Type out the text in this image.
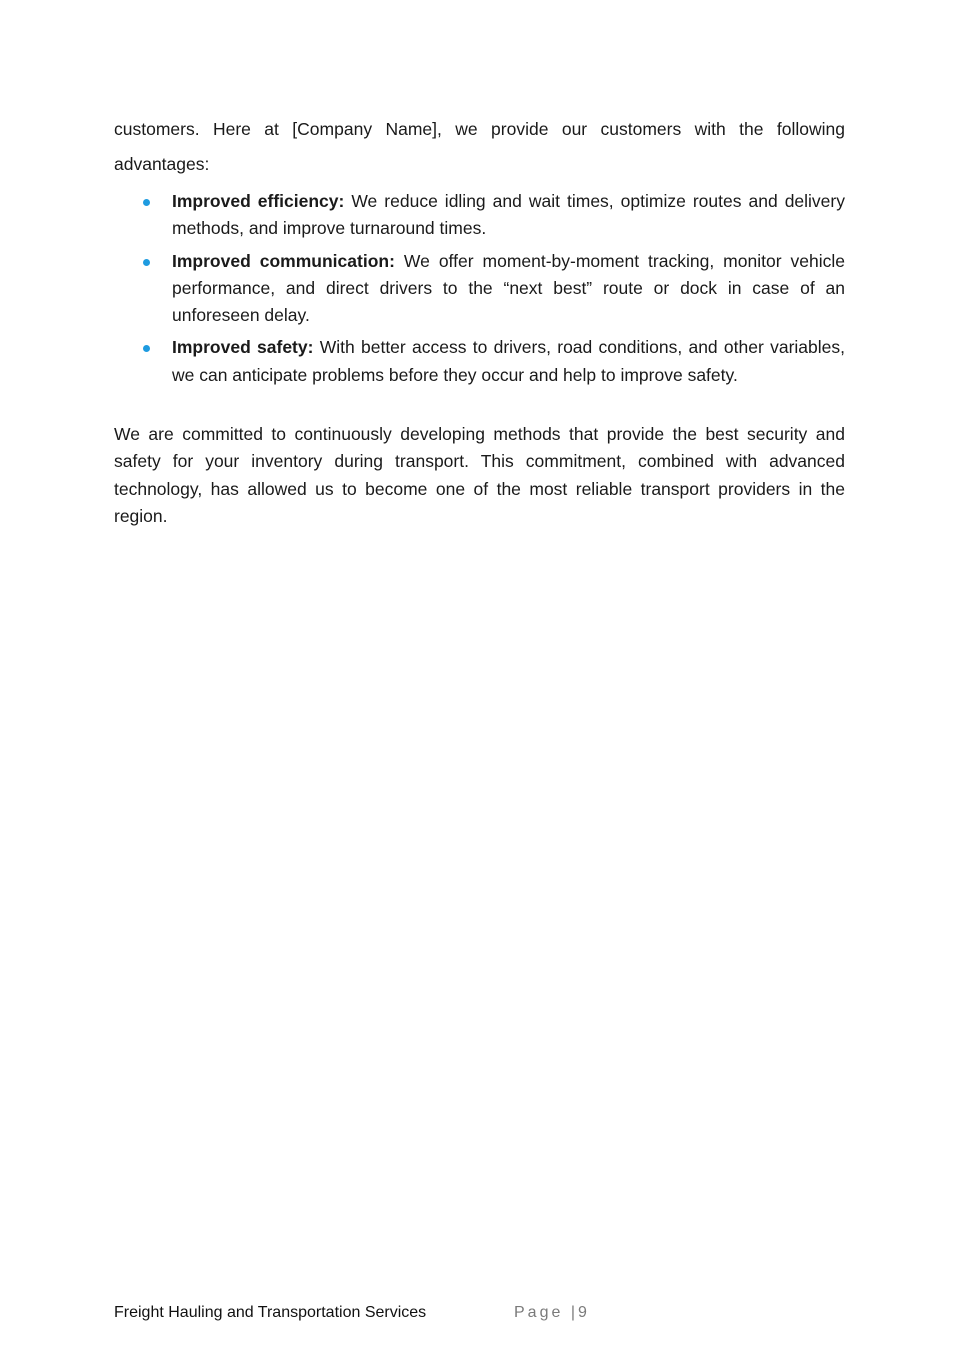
customers. Here at [Company Name], we provide our customers with the following advantages:

Improved efficiency: We reduce idling and wait times, optimize routes and delivery methods, and improve turnaround times.
Improved communication: We offer moment-by-moment tracking, monitor vehicle performance, and direct drivers to the “next best” route or dock in case of an unforeseen delay.
Improved safety: With better access to drivers, road conditions, and other variables, we can anticipate problems before they occur and help to improve safety.

We are committed to continuously developing methods that provide the best security and safety for your inventory during transport. This commitment, combined with advanced technology, has allowed us to become one of the most reliable transport providers in the region.

Freight Hauling and Transportation Services	Page |9
